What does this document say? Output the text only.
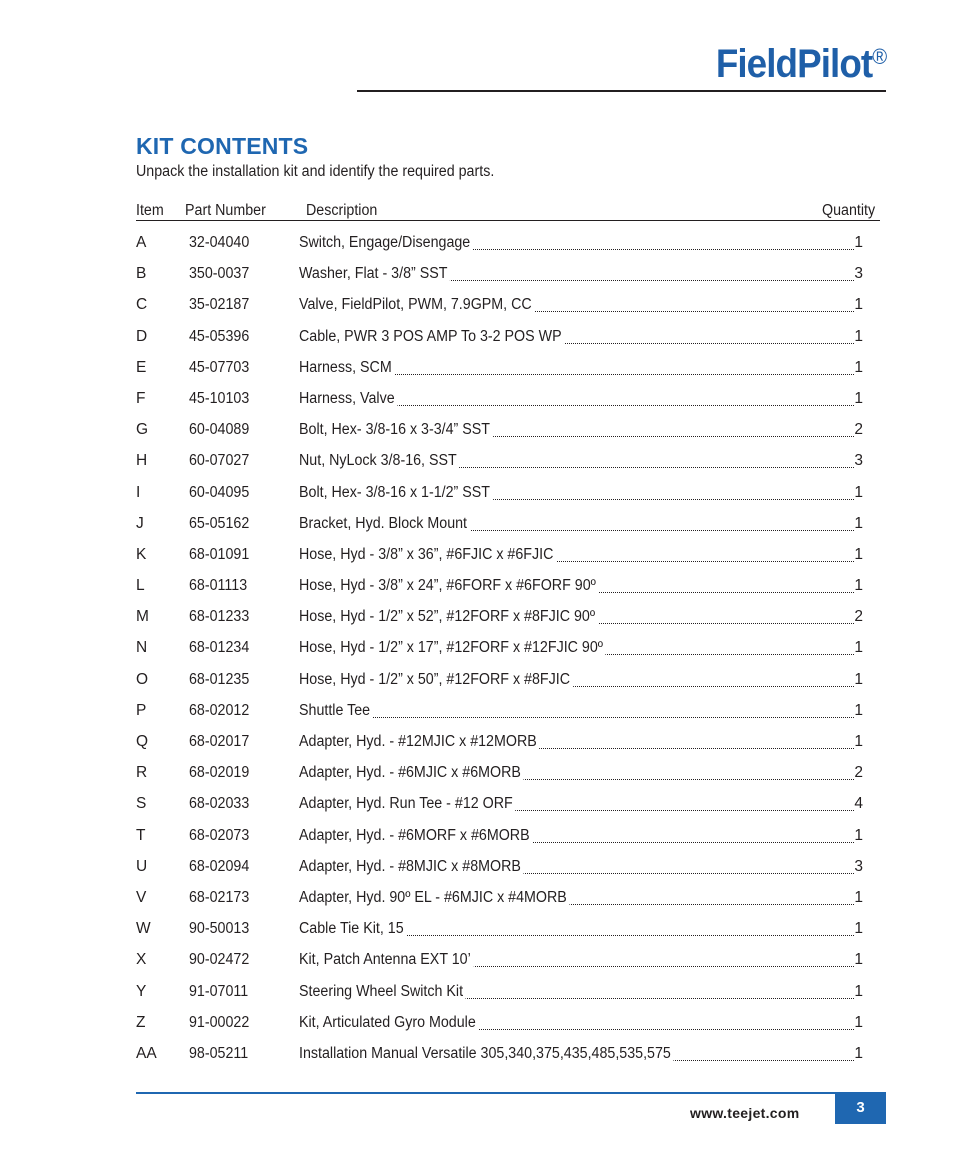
FieldPilot®
KIT CONTENTS
Unpack the installation kit and identify the required parts.
Item Part Number	Description	Quantity
A	32-04040	Switch, Engage/Disengage	1
B	350-0037	Washer, Flat - 3/8” SST	3
C	35-02187	Valve, FieldPilot, PWM, 7.9GPM, CC	1
D	45-05396	Cable, PWR 3 POS AMP To 3-2 POS WP	1
E	45-07703	Harness, SCM	1
F	45-10103	Harness, Valve	1
G	60-04089	Bolt, Hex- 3/8-16 x 3-3/4” SST	2
H	60-07027	Nut, NyLock 3/8-16, SST	3
I	60-04095	Bolt, Hex- 3/8-16 x 1-1/2” SST	1
J	65-05162	Bracket, Hyd. Block Mount	1
K	68-01091	Hose, Hyd - 3/8” x 36”, #6FJIC x #6FJIC	1
L	68-01113	Hose, Hyd - 3/8” x 24”, #6FORF x #6FORF 90º	1
M	68-01233	Hose, Hyd - 1/2” x 52”, #12FORF x #8FJIC 90º	2
N	68-01234	Hose, Hyd - 1/2” x 17”, #12FORF x #12FJIC 90º	1
O	68-01235	Hose, Hyd - 1/2” x 50”, #12FORF x #8FJIC	1
P	68-02012	Shuttle Tee	1
Q	68-02017	Adapter, Hyd. - #12MJIC x #12MORB	1
R	68-02019	Adapter, Hyd. - #6MJIC x #6MORB	2
S	68-02033	Adapter, Hyd. Run Tee - #12 ORF	4
T	68-02073	Adapter, Hyd. - #6MORF x #6MORB	1
U	68-02094	Adapter, Hyd. - #8MJIC x #8MORB	3
V	68-02173	Adapter, Hyd. 90º EL - #6MJIC x #4MORB	1
W 90-50013	Cable Tie Kit, 15	1
X	90-02472	Kit, Patch Antenna EXT 10’	1
Y	91-07011	Steering Wheel Switch Kit	1
Z	91-00022	Kit, Articulated Gyro Module	1
AA 98-05211	Installation Manual Versatile 305,340,375,435,485,535,575	1
www.teejet.com	3
